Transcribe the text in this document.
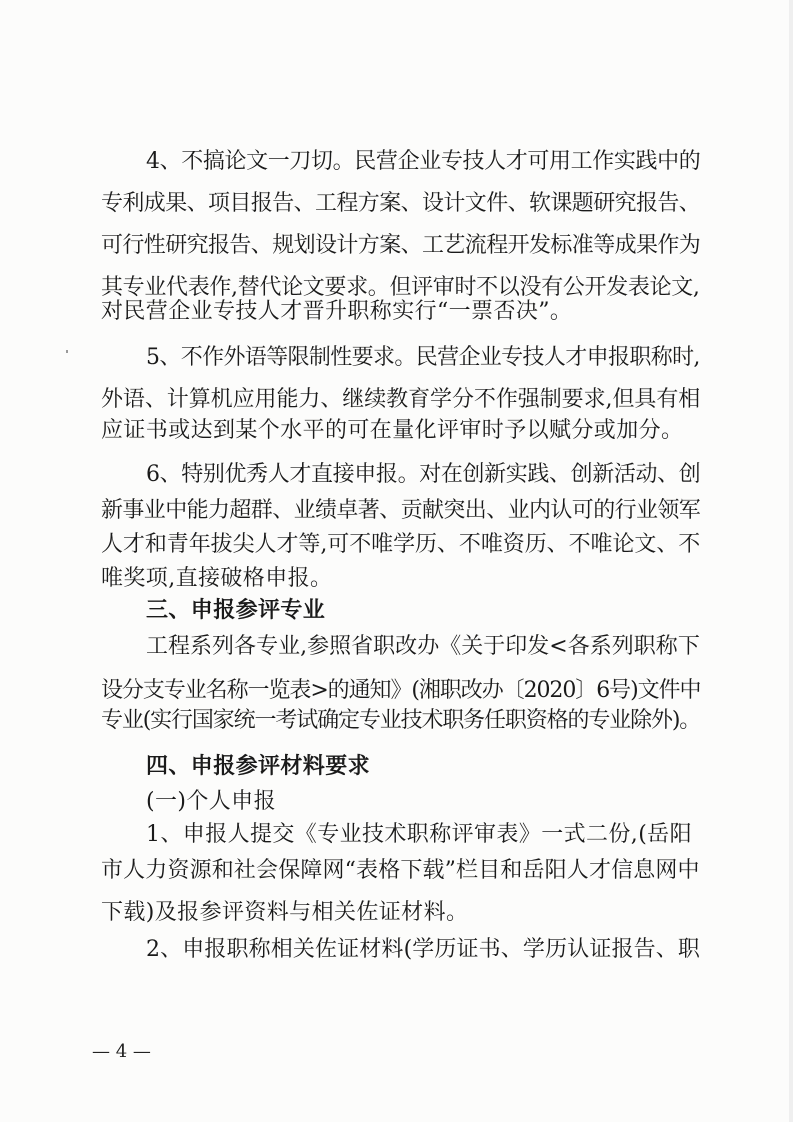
4、不搞论文一刀切。民营企业专技人才可用工作实践中的
专利成果、项目报告、工程方案、设计文件、软课题研究报告、
可行性研究报告、规划设计方案、工艺流程开发标准等成果作为
其专业代表作,替代论文要求。但评审时不以没有公开发表论文,
对民营企业专技人才晋升职称实行“一票否决”。
5、不作外语等限制性要求。民营企业专技人才申报职称时,
外语、计算机应用能力、继续教育学分不作强制要求,但具有相
应证书或达到某个水平的可在量化评审时予以赋分或加分。
6、特别优秀人才直接申报。对在创新实践、创新活动、创
新事业中能力超群、业绩卓著、贡献突出、业内认可的行业领军
人才和青年拔尖人才等,可不唯学历、不唯资历、不唯论文、不
唯奖项,直接破格申报。
三、申报参评专业
工程系列各专业,参照省职改办《关于印发<各系列职称下
设分支专业名称一览表>的通知》(湘职改办〔2020〕6号)文件中
专业(实行国家统一考试确定专业技术职务任职资格的专业除外)。
四、申报参评材料要求
(一)个人申报
1、申报人提交《专业技术职称评审表》一式二份,(岳阳
市人力资源和社会保障网“表格下载”栏目和岳阳人才信息网中
下载)及报参评资料与相关佐证材料。
2、申报职称相关佐证材料(学历证书、学历认证报告、职
— 4 —
